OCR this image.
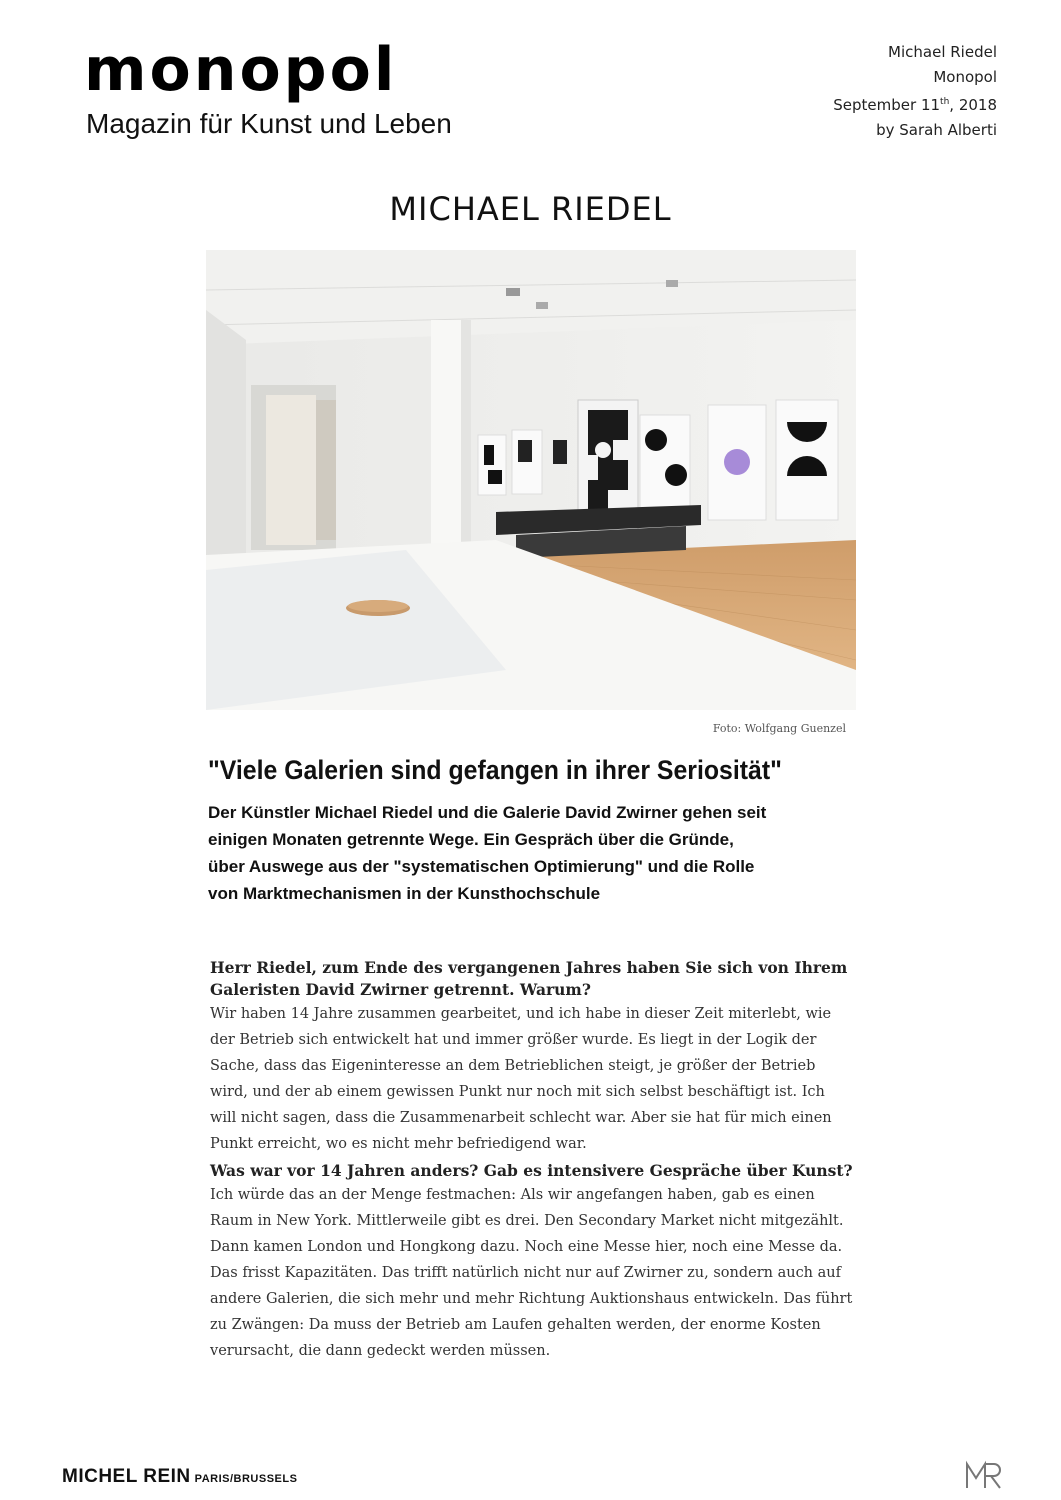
monopol
Magazin für Kunst und Leben
Michael Riedel
Monopol
September 11th, 2018
by Sarah Alberti
MICHAEL RIEDEL
Foto: Wolfgang Guenzel
"Viele Galerien sind gefangen in ihrer Seriosität"
Der Künstler Michael Riedel und die Galerie David Zwirner gehen seit einigen Monaten getrennte Wege. Ein Gespräch über die Gründe, über Auswege aus der "systematischen Optimierung" und die Rolle von Marktmechanismen in der Kunsthochschule

Herr Riedel, zum Ende des vergangenen Jahres haben Sie sich von Ihrem Galeristen David Zwirner getrennt. Warum?

Wir haben 14 Jahre zusammen gearbeitet, und ich habe in dieser Zeit miterlebt, wie der Betrieb sich entwickelt hat und immer größer wurde. Es liegt in der Logik der Sache, dass das Eigeninteresse an dem Betrieblichen steigt, je größer der Betrieb wird, und der ab einem gewissen Punkt nur noch mit sich selbst beschäftigt ist. Ich will nicht sagen, dass die Zusammenarbeit schlecht war. Aber sie hat für mich einen Punkt erreicht, wo es nicht mehr befriedigend war.

Was war vor 14 Jahren anders? Gab es intensivere Gespräche über Kunst?

Ich würde das an der Menge festmachen: Als wir angefangen haben, gab es einen Raum in New York. Mittlerweile gibt es drei. Den Secondary Market nicht mitgezählt. Dann kamen London und Hongkong dazu. Noch eine Messe hier, noch eine Messe da. Das frisst Kapazitäten. Das trifft natürlich nicht nur auf Zwirner zu, sondern auch auf andere Galerien, die sich mehr und mehr Richtung Auktionshaus entwickeln. Das führt zu Zwängen: Da muss der Betrieb am Laufen gehalten werden, der enorme Kosten verursacht, die dann gedeckt werden müssen.

MICHEL REIN PARIS/BRUSSELS
